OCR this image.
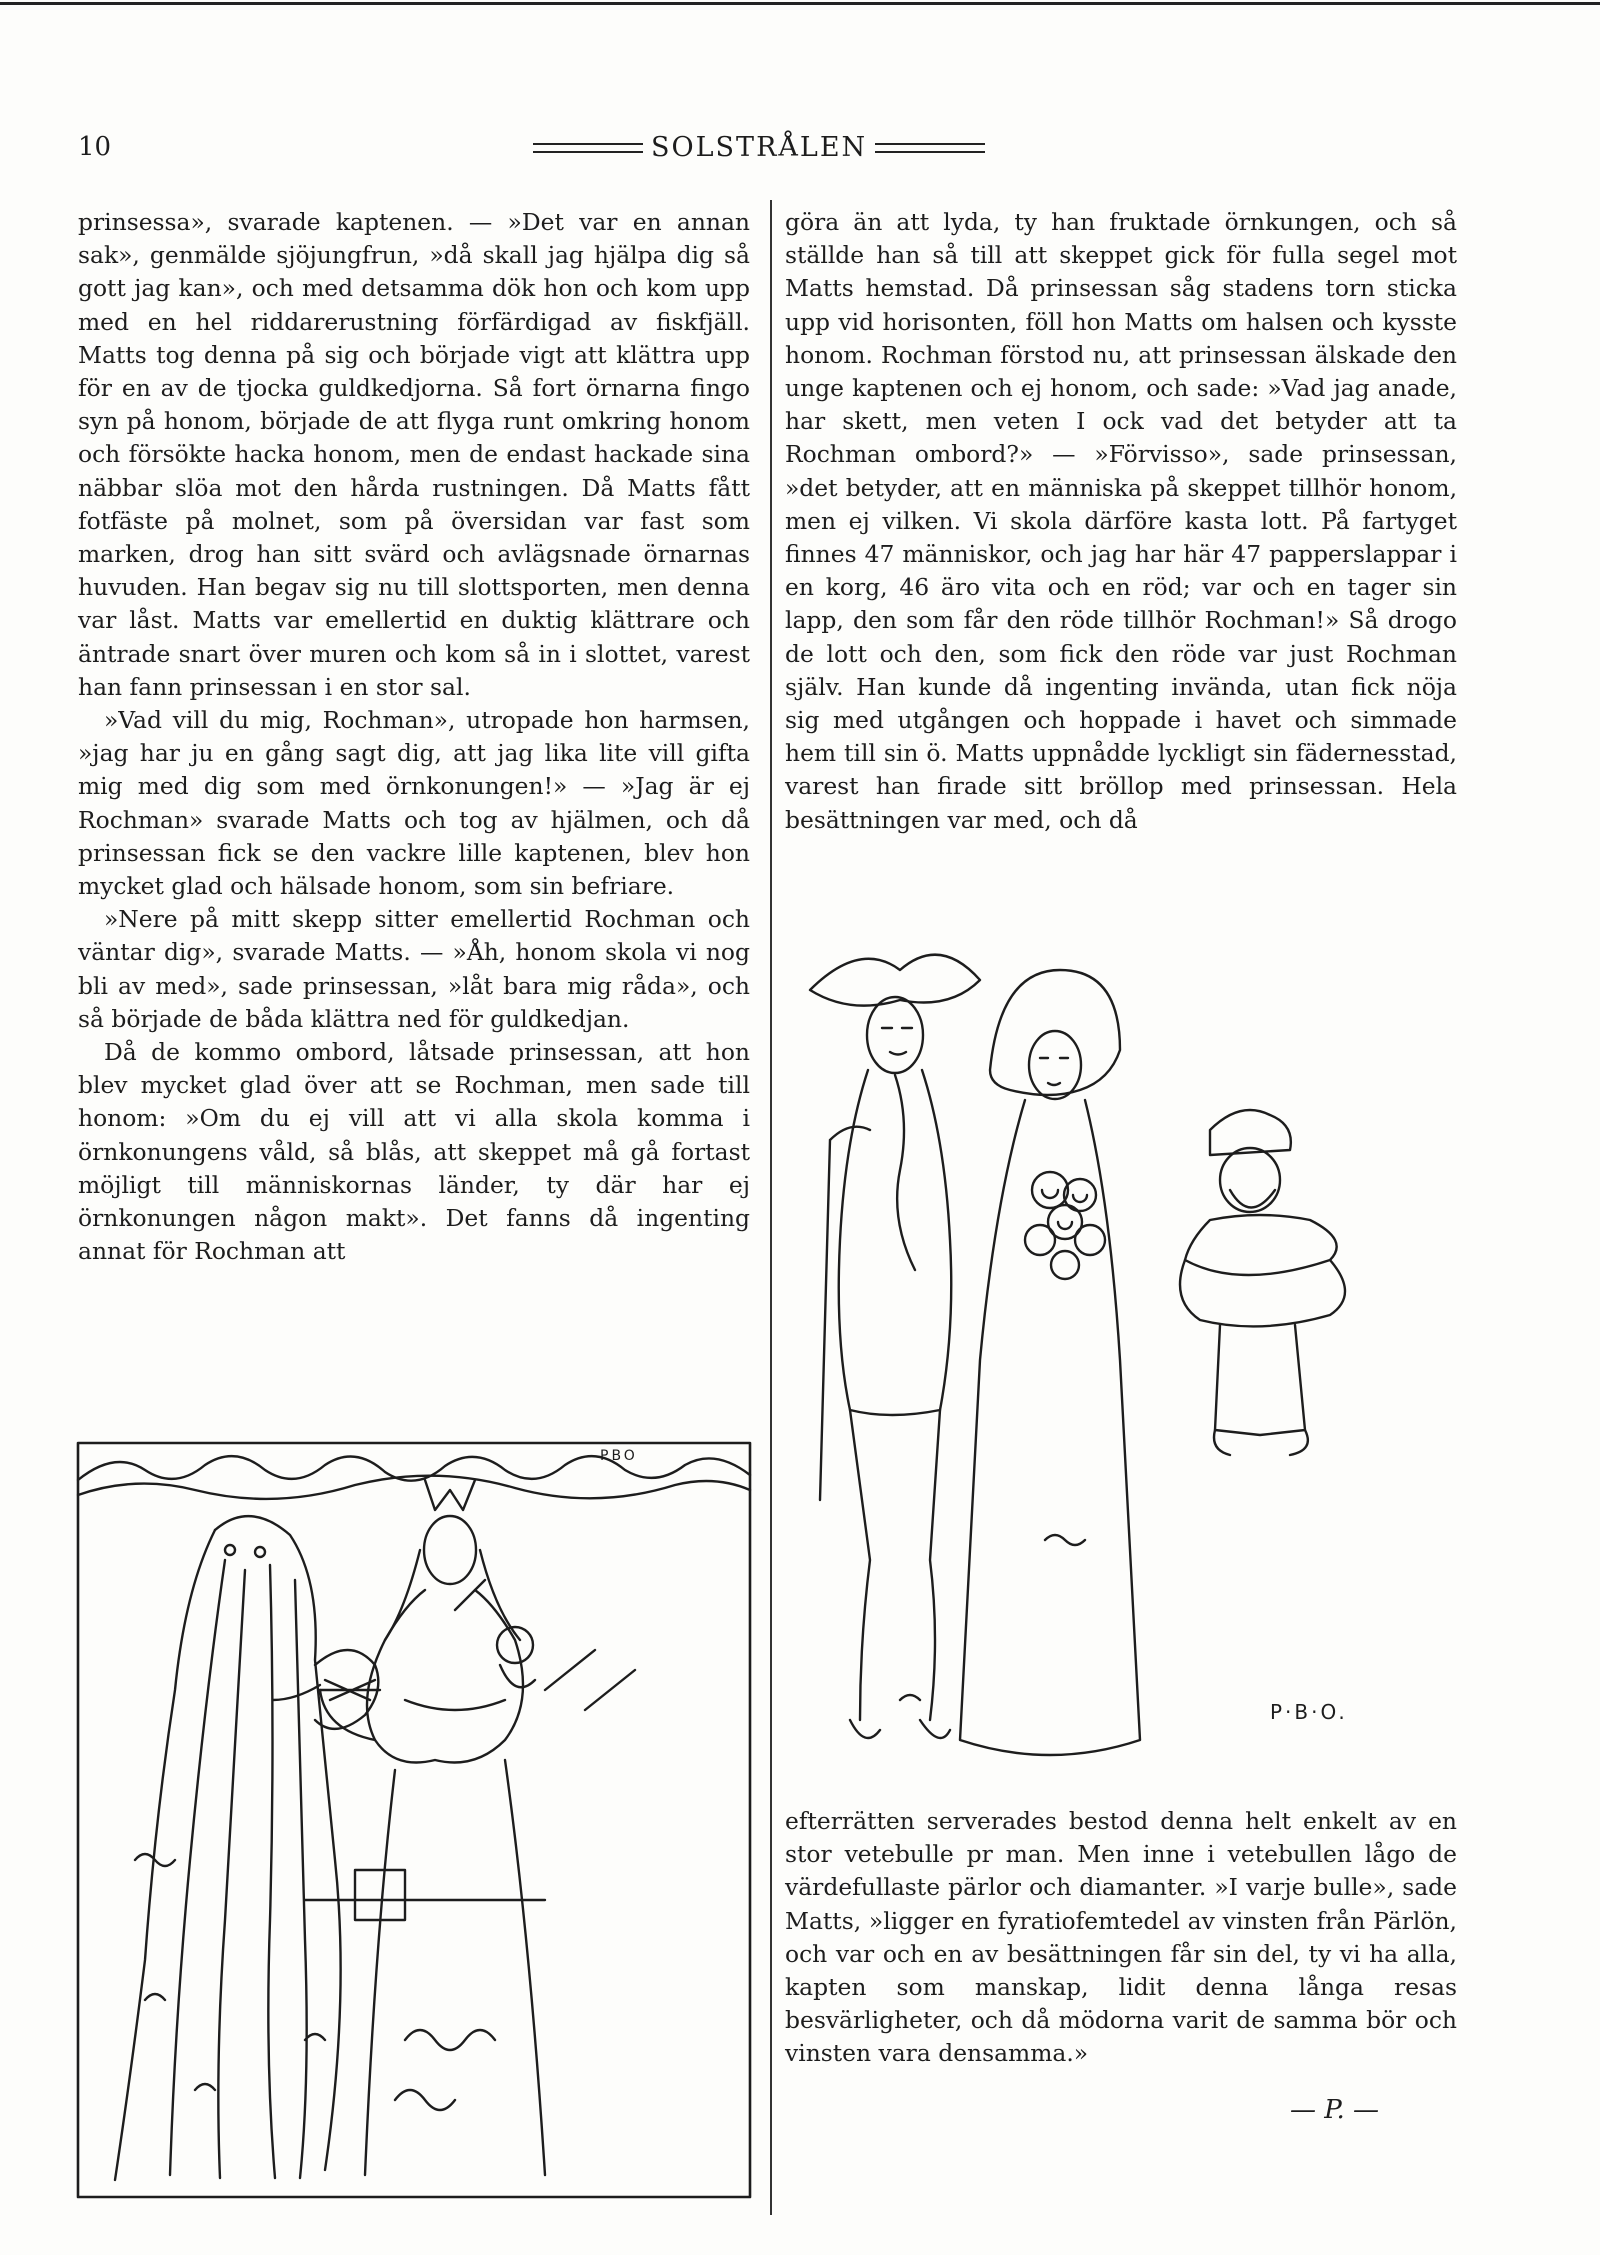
10	SOLSTRÅLEN

prinsessa», svarade kaptenen. — »Det var en annan sak», genmälde sjöjungfrun, »då skall jag hjälpa dig så gott jag kan», och med detsamma dök hon och kom upp med en hel riddarerustning förfärdigad av fiskfjäll. Matts tog denna på sig och började vigt att klättra upp för en av de tjocka guldkedjorna. Så fort örnarna fingo syn på honom, började de att flyga runt omkring honom och försökte hacka honom, men de endast hackade sina näbbar slöa mot den hårda rustningen. Då Matts fått fotfäste på molnet, som på översidan var fast som marken, drog han sitt svärd och avlägsnade örnarnas huvuden. Han begav sig nu till slottsporten, men denna var låst. Matts var emellertid en duktig klättrare och äntrade snart över muren och kom så in i slottet, varest han fann prinsessan i en stor sal.

»Vad vill du mig, Rochman», utropade hon harmsen, »jag har ju en gång sagt dig, att jag lika lite vill gifta mig med dig som med örnkonungen!» — »Jag är ej Rochman» svarade Matts och tog av hjälmen, och då prinsessan fick se den vackre lille kaptenen, blev hon mycket glad och hälsade honom, som sin befriare.

»Nere på mitt skepp sitter emellertid Rochman och väntar dig», svarade Matts. — »Åh, honom skola vi nog bli av med», sade prinsessan, »låt bara mig råda», och så började de båda klättra ned för guldkedjan.

Då de kommo ombord, låtsade prinsessan, att hon blev mycket glad över att se Rochman, men sade till honom: »Om du ej vill att vi alla skola komma i örnkonungens våld, så blås, att skeppet må gå fortast möjligt till människornas länder, ty där har ej örnkonungen någon makt». Det fanns då ingenting annat för Rochman att

PBO

göra än att lyda, ty han fruktade örnkungen, och så ställde han så till att skeppet gick för fulla segel mot Matts hemstad. Då prinsessan såg stadens torn sticka upp vid horisonten, föll hon Matts om halsen och kysste honom. Rochman förstod nu, att prinsessan älskade den unge kaptenen och ej honom, och sade: »Vad jag anade, har skett, men veten I ock vad det betyder att ta Rochman ombord?» — »Förvisso», sade prinsessan, »det betyder, att en människa på skeppet tillhör honom, men ej vilken. Vi skola därföre kasta lott. På fartyget finnes 47 människor, och jag har här 47 papperslappar i en korg, 46 äro vita och en röd; var och en tager sin lapp, den som får den röde tillhör Rochman!» Så drogo de lott och den, som fick den röde var just Rochman själv. Han kunde då ingenting invända, utan fick nöja sig med utgången och hoppade i havet och simmade hem till sin ö. Matts uppnådde lyckligt sin fädernesstad, varest han firade sitt bröllop med prinsessan. Hela besättningen var med, och då

P·B·O.

efterrätten serverades bestod denna helt enkelt av en stor vetebulle pr man. Men inne i vetebullen lågo de värdefullaste pärlor och diamanter. »I varje bulle», sade Matts, »ligger en fyratiofemtedel av vinsten från Pärlön, och var och en av besättningen får sin del, ty vi ha alla, kapten som manskap, lidit denna långa resas besvärligheter, och då mödorna varit de samma bör och vinsten vara densamma.»

— P. —
